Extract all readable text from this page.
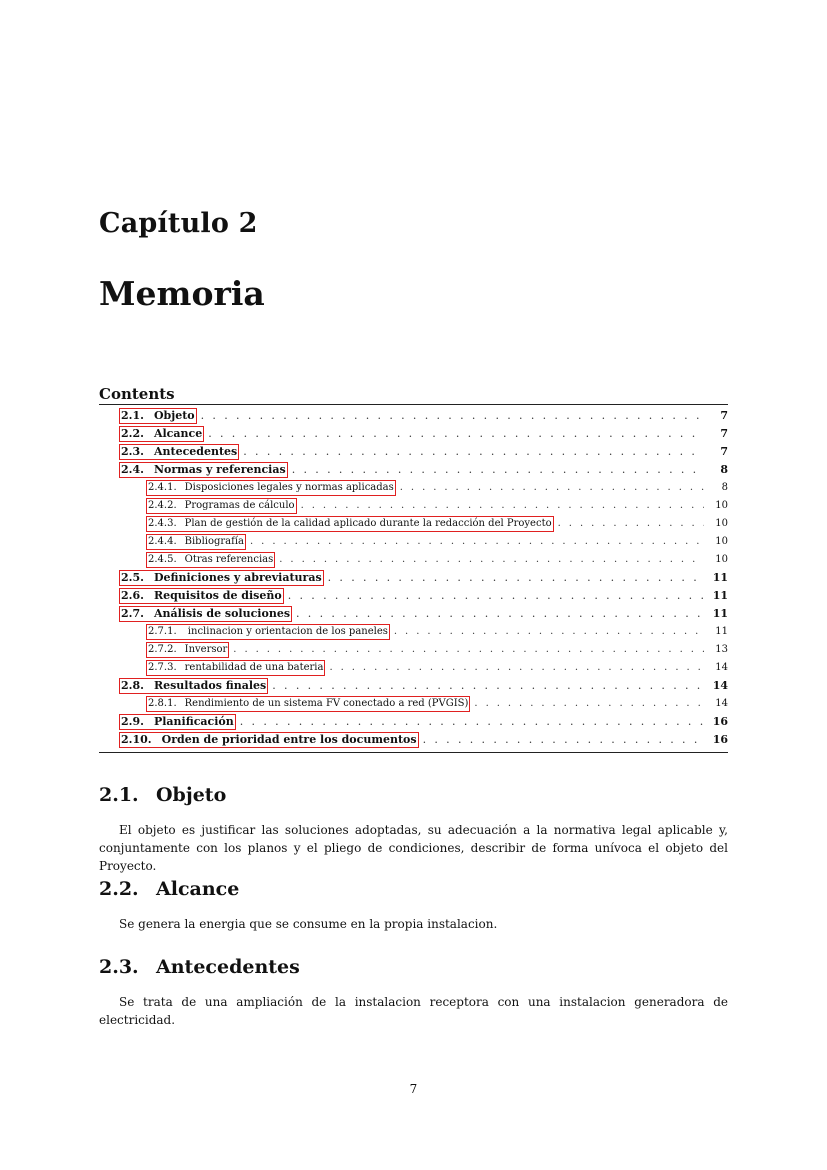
Capítulo 2
Memoria
Contents
2.1. Objeto . . .	7
2.2. Alcance . . .	7
2.3. Antecedentes . . .	7
2.4. Normas y referencias . . .	8
2.4.1. Disposiciones legales y normas aplicadas . . .	8
2.4.2. Programas de cálculo . . .	10
2.4.3. Plan de gestión de la calidad aplicado durante la redacción del Proyecto . . .	10
2.4.4. Bibliografía . . .	10
2.4.5. Otras referencias . . .	10
2.5. Definiciones y abreviaturas . . .	11
2.6. Requisitos de diseño . . .	11
2.7. Análisis de soluciones . . .	11
2.7.1. inclinacion y orientacion de los paneles . . .	11
2.7.2. Inversor . . .	13
2.7.3. rentabilidad de una bateria . . .	14
2.8. Resultados finales . . .	14
2.8.1. Rendimiento de un sistema FV conectado a red (PVGIS) . . .	14
2.9. Planificación . . .	16
2.10. Orden de prioridad entre los documentos . . .	16
2.1. Objeto

El objeto es justificar las soluciones adoptadas, su adecuación a la normativa legal aplicable y, conjuntamente con los planos y el pliego de condiciones, describir de forma unívoca el objeto del Proyecto.

2.2. Alcance

Se genera la energia que se consume en la propia instalacion.

2.3. Antecedentes

Se trata de una ampliación de la instalacion receptora con una instalacion generadora de electricidad.

7
